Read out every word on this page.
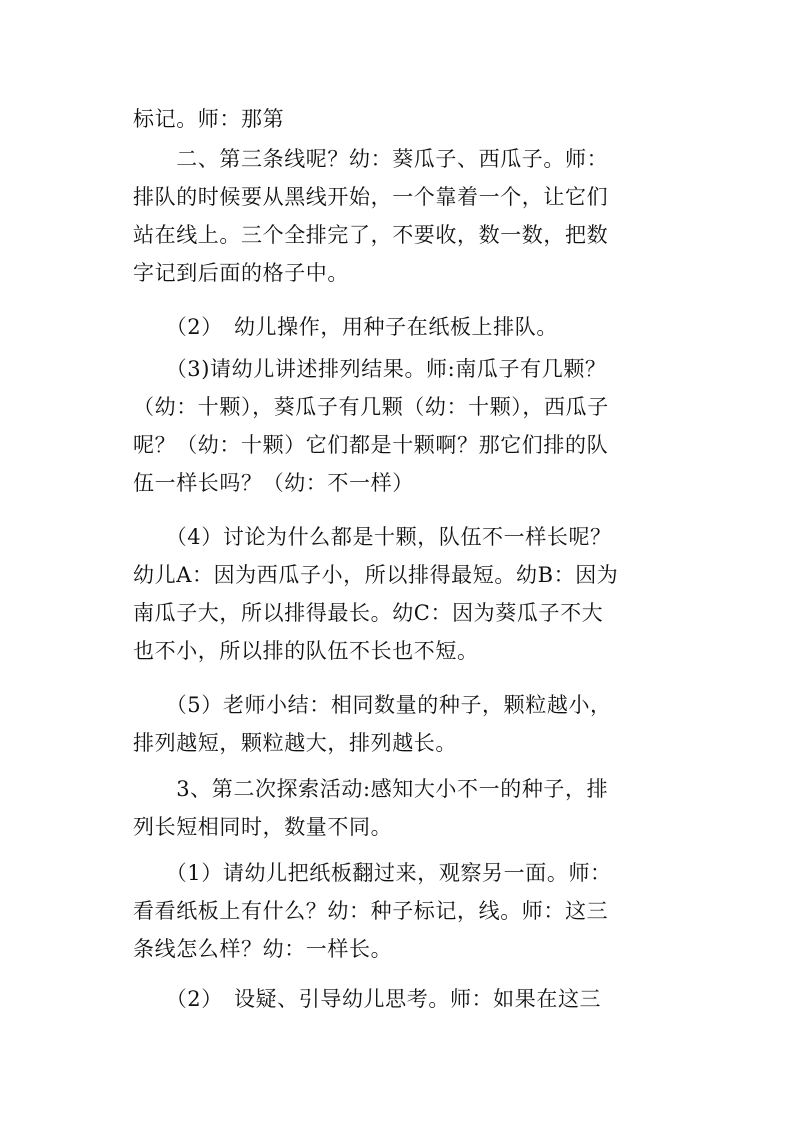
标记。师：那第
　　二、第三条线呢？幼：葵瓜子、西瓜子。师：
排队的时候要从黑线开始，一个靠着一个，让它们
站在线上。三个全排完了，不要收，数一数，把数
字记到后面的格子中。
　　（2）　幼儿操作，用种子在纸板上排队。
　　（3)请幼儿讲述排列结果。师:南瓜子有几颗？
（幼：十颗），葵瓜子有几颗（幼：十颗），西瓜子
呢？（幼：十颗）它们都是十颗啊？那它们排的队
伍一样长吗？（幼：不一样）
　　（4）讨论为什么都是十颗，队伍不一样长呢？
幼儿A：因为西瓜子小，所以排得最短。幼B：因为
南瓜子大，所以排得最长。幼C：因为葵瓜子不大
也不小，所以排的队伍不长也不短。
　　（5）老师小结：相同数量的种子，颗粒越小，
排列越短，颗粒越大，排列越长。
　　3、第二次探索活动:感知大小不一的种子，排
列长短相同时，数量不同。
　　（1）请幼儿把纸板翻过来，观察另一面。师：
看看纸板上有什么？幼：种子标记，线。师：这三
条线怎么样？幼：一样长。
　　（2）　设疑、引导幼儿思考。师：如果在这三
